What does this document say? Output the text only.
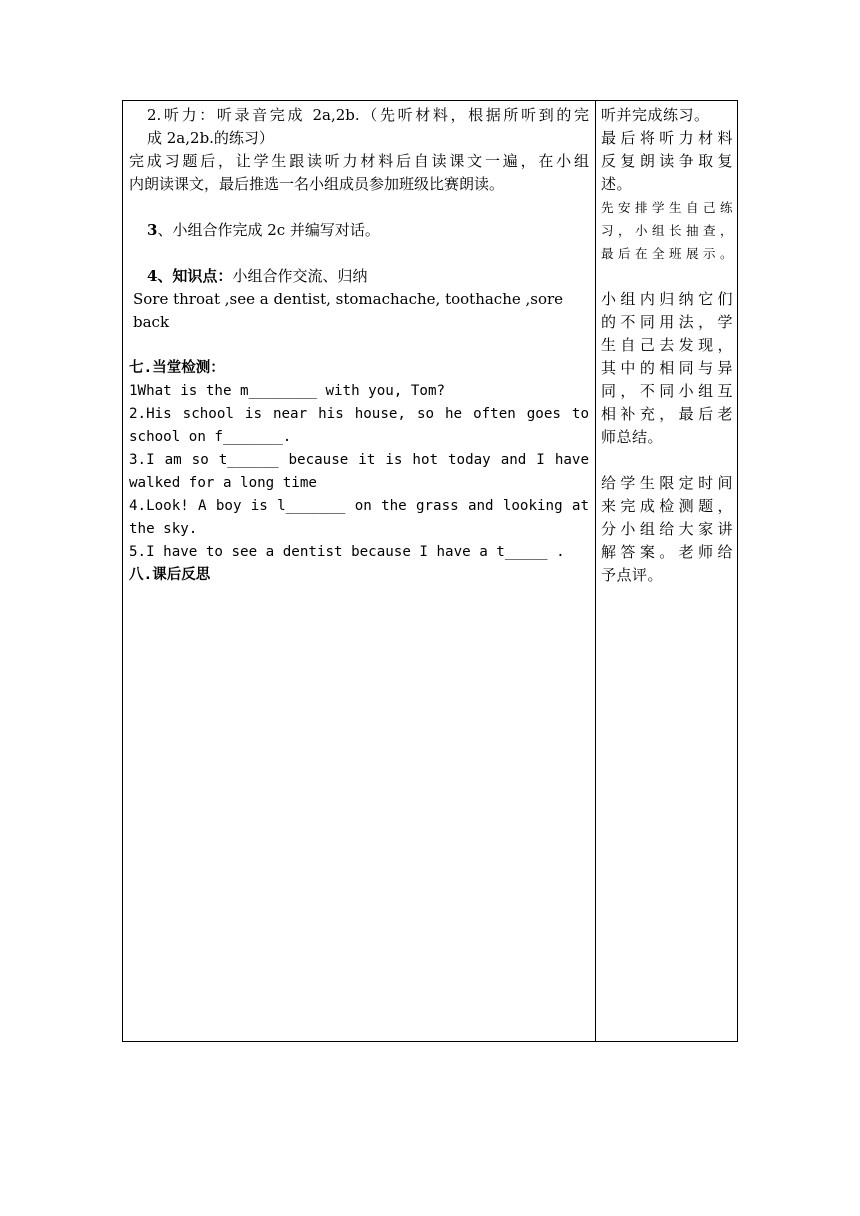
2.听力：听录音完成 2a,2b.（先听材料，根据所听到的完
成 2a,2b.的练习）
完成习题后，让学生跟读听力材料后自读课文一遍，在小组
内朗读课文，最后推选一名小组成员参加班级比赛朗读。
3、小组合作完成 2c 并编写对话。
4、知识点：小组合作交流、归纳
Sore throat ,see a dentist, stomachache, toothache ,sore back
七.当堂检测：
1What is the m________ with you, Tom?
2.His school is near his house, so he often goes to
school on f_______.
3.I am so t______ because it is hot today and I have
walked for a long time
4.Look! A boy is l_______ on the grass and looking at
the sky.
5.I have to see a dentist because I have a t_____ .
八.课后反思
听并完成练习。
最后将听力材料
反复朗读争取复
述。
先安排学生自己练
习，小组长抽查，
最后在全班展示。
小组内归纳它们
的不同用法，学
生自己去发现，
其中的相同与异
同，不同小组互
相补充，最后老
师总结。
给学生限定时间
来完成检测题，
分小组给大家讲
解答案。老师给
予点评。
